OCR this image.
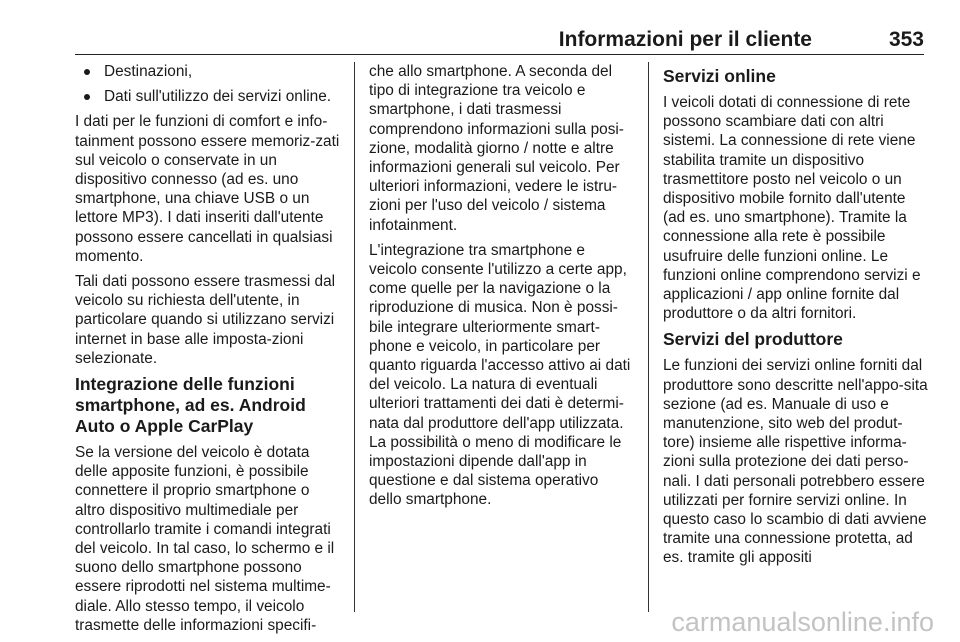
Informazioni per il cliente	353
Destinazioni,
Dati sull'utilizzo dei servizi online.

I dati per le funzioni di comfort e info-tainment possono essere memoriz-zati sul veicolo o conservate in un dispositivo connesso (ad es. uno smartphone, una chiave USB o un lettore MP3). I dati inseriti dall'utente possono essere cancellati in qualsiasi momento.

Tali dati possono essere trasmessi dal veicolo su richiesta dell'utente, in particolare quando si utilizzano servizi internet in base alle imposta-zioni selezionate.

Integrazione delle funzioni smartphone, ad es. Android Auto o Apple CarPlay

Se la versione del veicolo è dotata delle apposite funzioni, è possibile connettere il proprio smartphone o altro dispositivo multimediale per controllarlo tramite i comandi integrati del veicolo. In tal caso, lo schermo e il suono dello smartphone possono essere riprodotti nel sistema multime-diale. Allo stesso tempo, il veicolo trasmette delle informazioni specifi-

che allo smartphone. A seconda del tipo di integrazione tra veicolo e smartphone, i dati trasmessi comprendono informazioni sulla posi-zione, modalità giorno / notte e altre informazioni generali sul veicolo. Per ulteriori informazioni, vedere le istru-zioni per l'uso del veicolo / sistema infotainment.

L'integrazione tra smartphone e veicolo consente l'utilizzo a certe app, come quelle per la navigazione o la riproduzione di musica. Non è possi-bile integrare ulteriormente smart-phone e veicolo, in particolare per quanto riguarda l'accesso attivo ai dati del veicolo. La natura di eventuali ulteriori trattamenti dei dati è determi-nata dal produttore dell'app utilizzata. La possibilità o meno di modificare le impostazioni dipende dall'app in questione e dal sistema operativo dello smartphone.

Servizi online

I veicoli dotati di connessione di rete possono scambiare dati con altri sistemi. La connessione di rete viene stabilita tramite un dispositivo trasmettitore posto nel veicolo o un dispositivo mobile fornito dall'utente (ad es. uno smartphone). Tramite la connessione alla rete è possibile usufruire delle funzioni online. Le funzioni online comprendono servizi e applicazioni / app online fornite dal produttore o da altri fornitori.

Servizi del produttore

Le funzioni dei servizi online forniti dal produttore sono descritte nell'appo-sita sezione (ad es. Manuale di uso e manutenzione, sito web del produt-tore) insieme alle rispettive informa-zioni sulla protezione dei dati perso-nali. I dati personali potrebbero essere utilizzati per fornire servizi online. In questo caso lo scambio di dati avviene tramite una connessione protetta, ad es. tramite gli appositi

carmanualsonline.info
